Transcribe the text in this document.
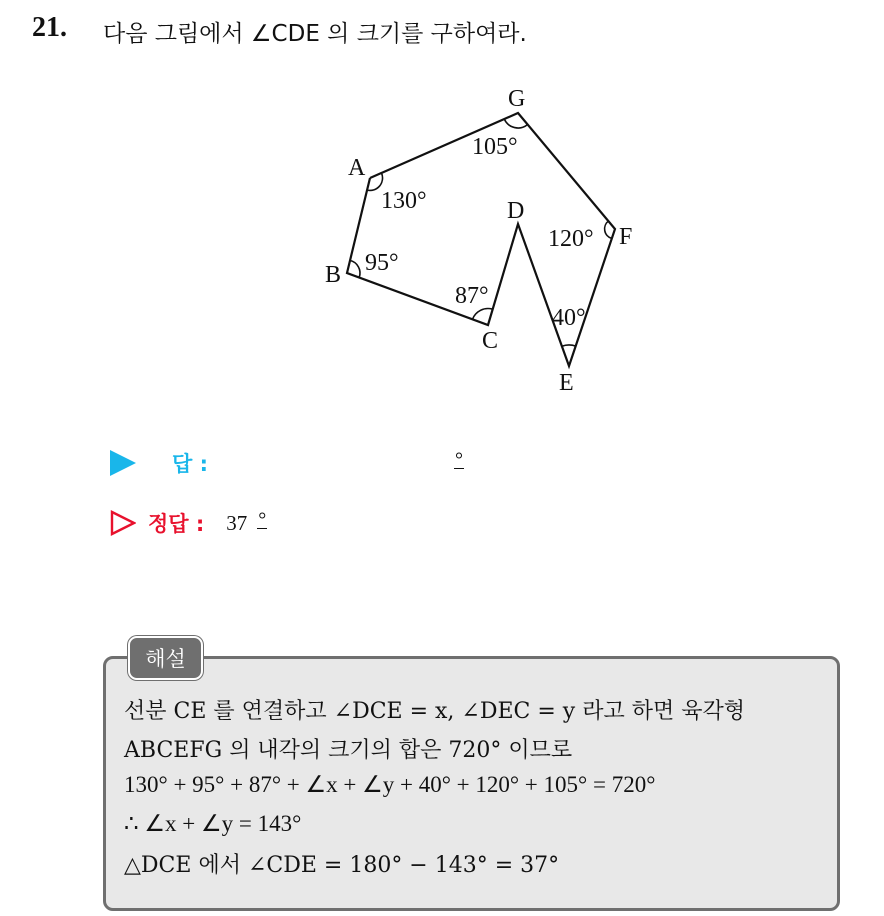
21. 다음 그림에서 ∠CDE 의 크기를 구하여라.
A
B
C
D
E
F
G
130°
95°
87°
40°
120°
105°
답 :	°
정답 : 37 °
해설
선분 CE 를 연결하고 ∠DCE = x, ∠DEC = y 라고 하면 육각형
ABCEFG 의 내각의 크기의 합은 720° 이므로
130° + 95° + 87° + ∠x + ∠y + 40° + 120° + 105° = 720°
∴ ∠x + ∠y = 143°
△DCE 에서 ∠CDE = 180° − 143° = 37°
